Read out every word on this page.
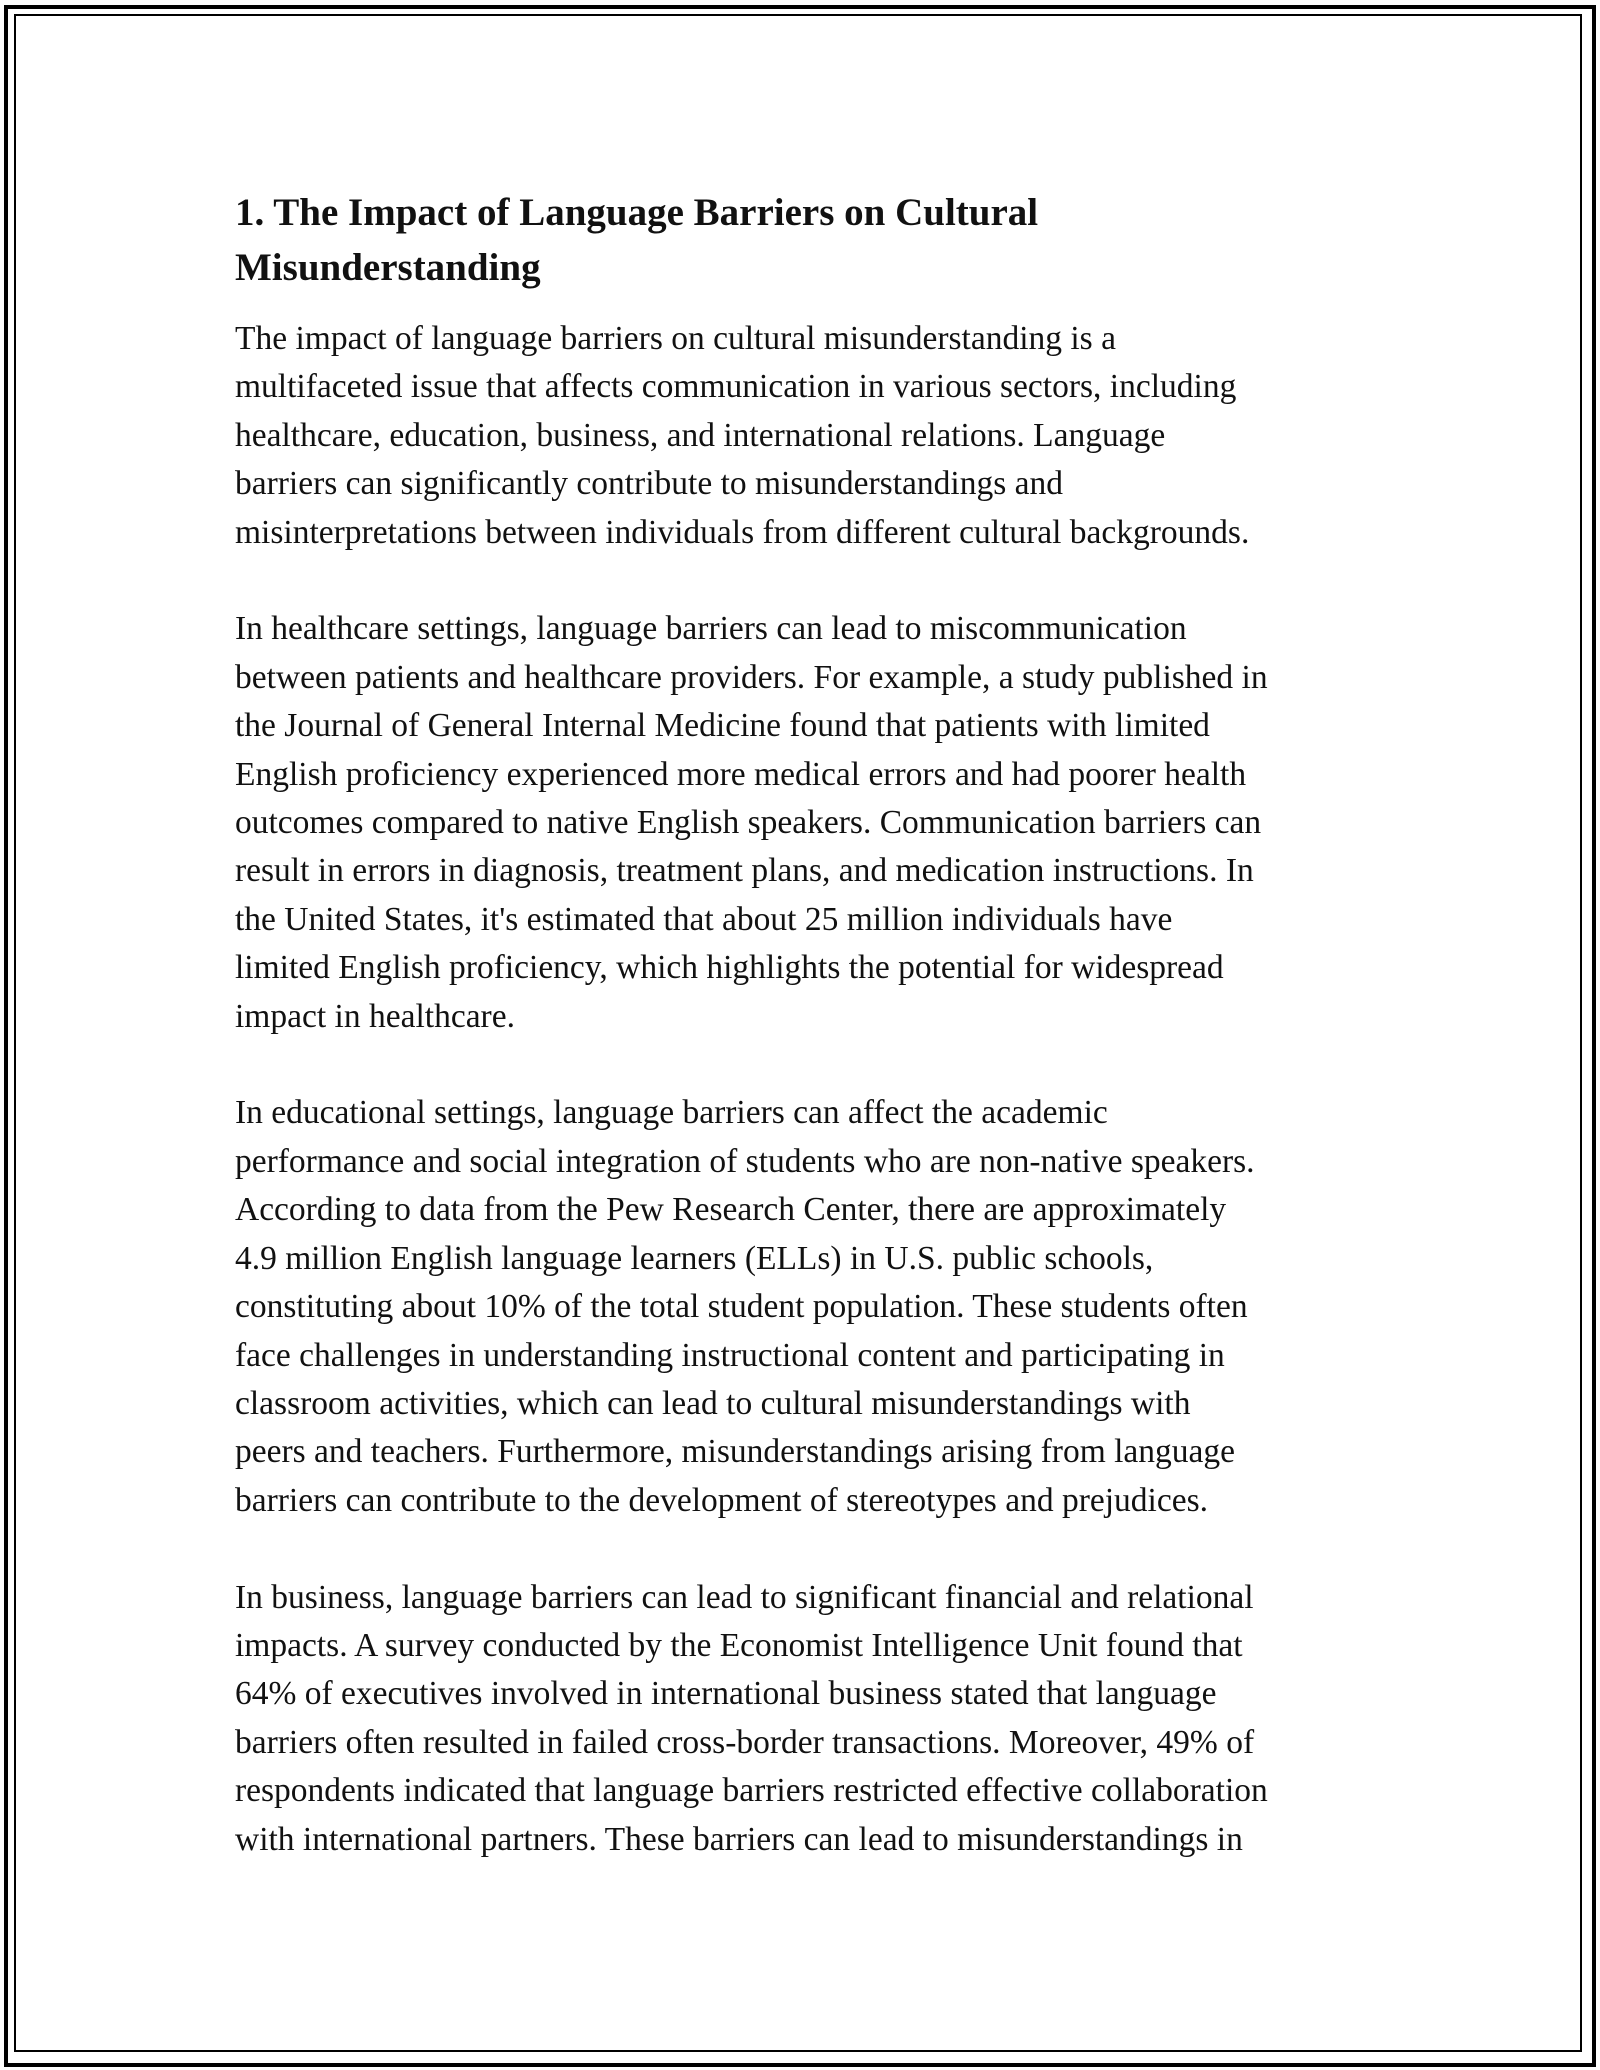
1. The Impact of Language Barriers on Cultural
Misunderstanding

The impact of language barriers on cultural misunderstanding is a
multifaceted issue that affects communication in various sectors, including
healthcare, education, business, and international relations. Language
barriers can significantly contribute to misunderstandings and
misinterpretations between individuals from different cultural backgrounds.

In healthcare settings, language barriers can lead to miscommunication
between patients and healthcare providers. For example, a study published in
the Journal of General Internal Medicine found that patients with limited
English proficiency experienced more medical errors and had poorer health
outcomes compared to native English speakers. Communication barriers can
result in errors in diagnosis, treatment plans, and medication instructions. In
the United States, it's estimated that about 25 million individuals have
limited English proficiency, which highlights the potential for widespread
impact in healthcare.

In educational settings, language barriers can affect the academic
performance and social integration of students who are non-native speakers.
According to data from the Pew Research Center, there are approximately
4.9 million English language learners (ELLs) in U.S. public schools,
constituting about 10% of the total student population. These students often
face challenges in understanding instructional content and participating in
classroom activities, which can lead to cultural misunderstandings with
peers and teachers. Furthermore, misunderstandings arising from language
barriers can contribute to the development of stereotypes and prejudices.

In business, language barriers can lead to significant financial and relational
impacts. A survey conducted by the Economist Intelligence Unit found that
64% of executives involved in international business stated that language
barriers often resulted in failed cross-border transactions. Moreover, 49% of
respondents indicated that language barriers restricted effective collaboration
with international partners. These barriers can lead to misunderstandings in
